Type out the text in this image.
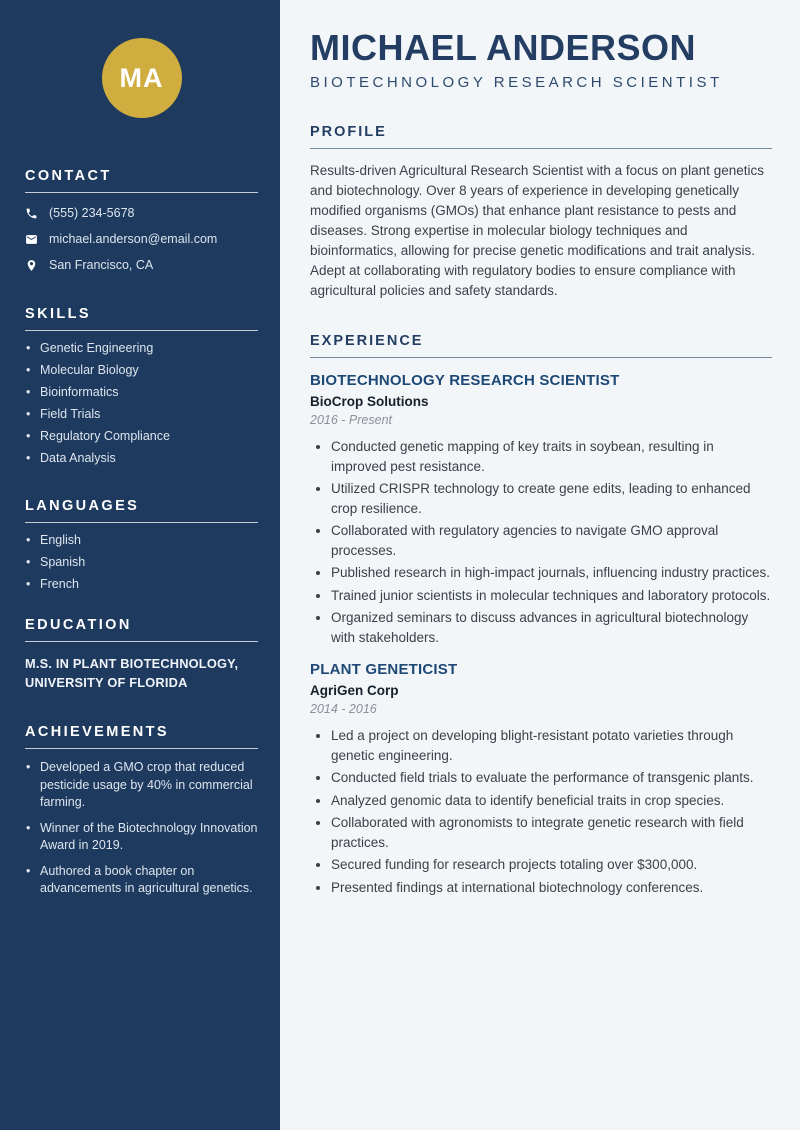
MA
CONTACT
(555) 234-5678
michael.anderson@email.com
San Francisco, CA
SKILLS
• Genetic Engineering
• Molecular Biology
• Bioinformatics
• Field Trials
• Regulatory Compliance
• Data Analysis
LANGUAGES
• English
• Spanish
• French
EDUCATION
M.S. IN PLANT BIOTECHNOLOGY, UNIVERSITY OF FLORIDA
ACHIEVEMENTS
• Developed a GMO crop that reduced pesticide usage by 40% in commercial farming.
• Winner of the Biotechnology Innovation Award in 2019.
• Authored a book chapter on advancements in agricultural genetics.
MICHAEL ANDERSON
BIOTECHNOLOGY RESEARCH SCIENTIST
PROFILE

Results-driven Agricultural Research Scientist with a focus on plant genetics and biotechnology. Over 8 years of experience in developing genetically modified organisms (GMOs) that enhance plant resistance to pests and diseases. Strong expertise in molecular biology techniques and bioinformatics, allowing for precise genetic modifications and trait analysis. Adept at collaborating with regulatory bodies to ensure compliance with agricultural policies and safety standards.

EXPERIENCE
BIOTECHNOLOGY RESEARCH SCIENTIST
BioCrop Solutions
2016 - Present
• Conducted genetic mapping of key traits in soybean, resulting in improved pest resistance.
• Utilized CRISPR technology to create gene edits, leading to enhanced crop resilience.
• Collaborated with regulatory agencies to navigate GMO approval processes.
• Published research in high-impact journals, influencing industry practices.
• Trained junior scientists in molecular techniques and laboratory protocols.
• Organized seminars to discuss advances in agricultural biotechnology with stakeholders.
PLANT GENETICIST
AgriGen Corp
2014 - 2016
• Led a project on developing blight-resistant potato varieties through genetic engineering.
• Conducted field trials to evaluate the performance of transgenic plants.
• Analyzed genomic data to identify beneficial traits in crop species.
• Collaborated with agronomists to integrate genetic research with field practices.
• Secured funding for research projects totaling over $300,000.
• Presented findings at international biotechnology conferences.
